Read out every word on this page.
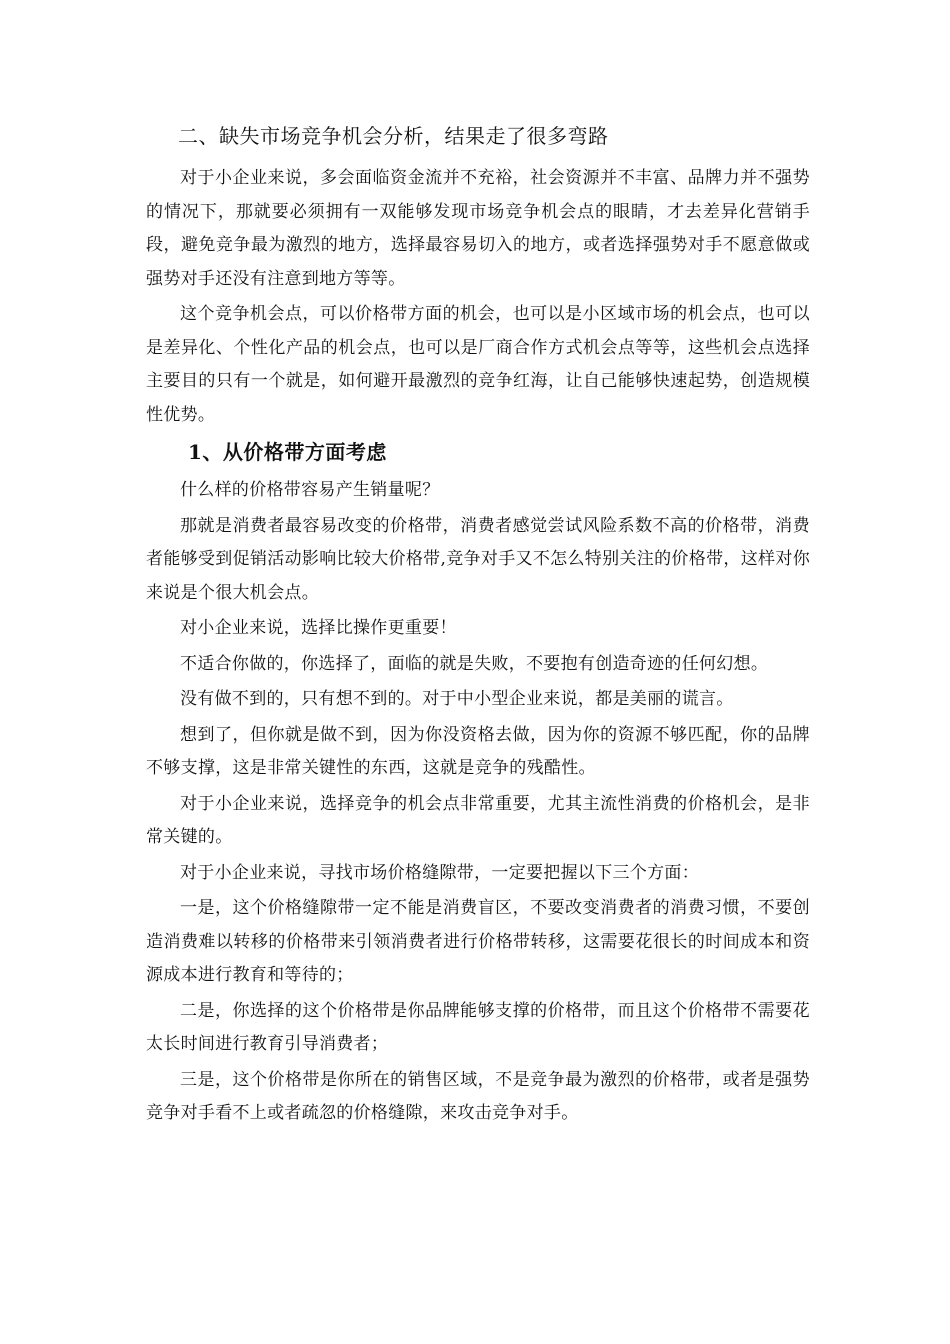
二、缺失市场竞争机会分析，结果走了很多弯路

对于小企业来说，多会面临资金流并不充裕，社会资源并不丰富、品牌力并不强势的情况下，那就要必须拥有一双能够发现市场竞争机会点的眼睛，才去差异化营销手段，避免竞争最为激烈的地方，选择最容易切入的地方，或者选择强势对手不愿意做或强势对手还没有注意到地方等等。

这个竞争机会点，可以价格带方面的机会，也可以是小区域市场的机会点，也可以是差异化、个性化产品的机会点，也可以是厂商合作方式机会点等等，这些机会点选择主要目的只有一个就是，如何避开最激烈的竞争红海，让自己能够快速起势，创造规模性优势。

1、从价格带方面考虑

什么样的价格带容易产生销量呢？

那就是消费者最容易改变的价格带，消费者感觉尝试风险系数不高的价格带，消费者能够受到促销活动影响比较大价格带,竞争对手又不怎么特别关注的价格带，这样对你来说是个很大机会点。

对小企业来说，选择比操作更重要！

不适合你做的，你选择了，面临的就是失败，不要抱有创造奇迹的任何幻想。

没有做不到的，只有想不到的。对于中小型企业来说，都是美丽的谎言。

想到了，但你就是做不到，因为你没资格去做，因为你的资源不够匹配，你的品牌不够支撑，这是非常关键性的东西，这就是竞争的残酷性。

对于小企业来说，选择竞争的机会点非常重要，尤其主流性消费的价格机会，是非常关键的。

对于小企业来说，寻找市场价格缝隙带，一定要把握以下三个方面：

一是，这个价格缝隙带一定不能是消费盲区，不要改变消费者的消费习惯，不要创造消费难以转移的价格带来引领消费者进行价格带转移，这需要花很长的时间成本和资源成本进行教育和等待的；

二是，你选择的这个价格带是你品牌能够支撑的价格带，而且这个价格带不需要花太长时间进行教育引导消费者；

三是，这个价格带是你所在的销售区域，不是竞争最为激烈的价格带，或者是强势竞争对手看不上或者疏忽的价格缝隙，来攻击竞争对手。
